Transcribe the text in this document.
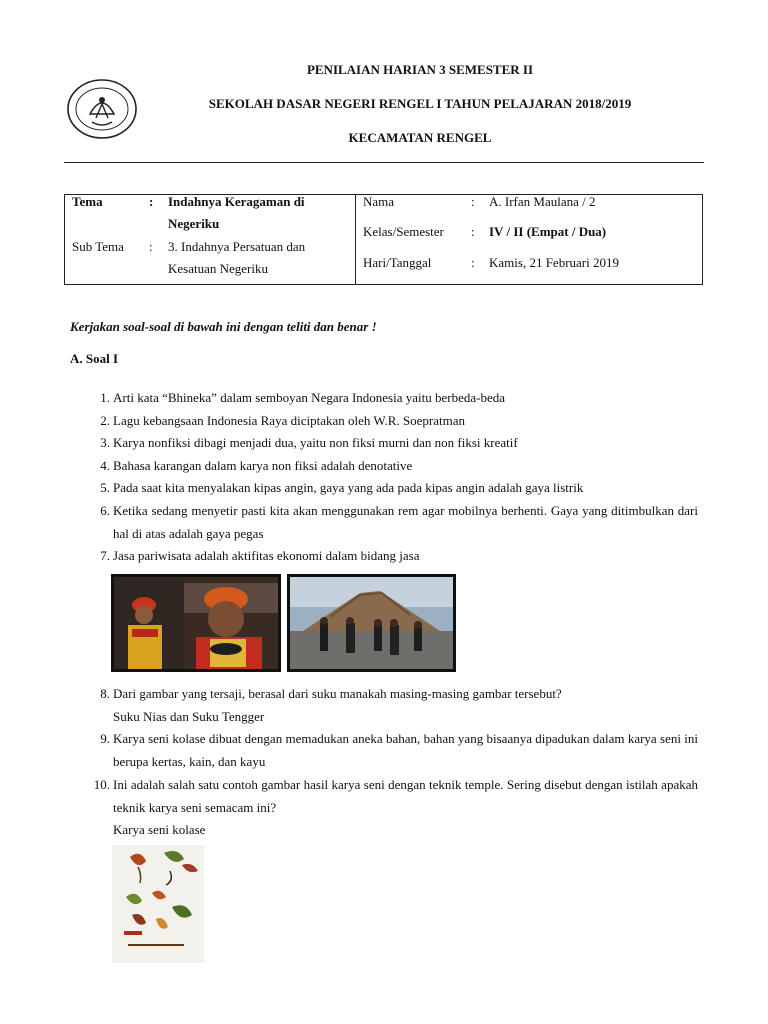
PENILAIAN HARIAN 3 SEMESTER II
SEKOLAH DASAR NEGERI RENGEL I TAHUN PELAJARAN 2018/2019
KECAMATAN RENGEL
Tema	: Indahnya Keragaman di
Negeriku
Sub Tema : 3. Indahnya Persatuan dan
Kesatuan Negeriku
Nama	: A. Irfan Maulana / 2
Kelas/Semester : IV / II (Empat / Dua)
Hari/Tanggal	: Kamis, 21 Februari 2019
Kerjakan soal-soal di bawah ini dengan teliti dan benar !
A. Soal I
1. Arti kata “Bhineka” dalam semboyan Negara Indonesia yaitu berbeda-beda
2. Lagu kebangsaan Indonesia Raya diciptakan oleh W.R. Soepratman
3. Karya nonfiksi dibagi menjadi dua, yaitu non fiksi murni dan non fiksi kreatif
4. Bahasa karangan dalam karya non fiksi adalah denotative
5. Pada saat kita menyalakan kipas angin, gaya yang ada pada kipas angin adalah gaya listrik
6. Ketika sedang menyetir pasti kita akan menggunakan rem agar mobilnya berhenti. Gaya yang ditimbulkan dari hal di atas adalah gaya pegas
7. Jasa pariwisata adalah aktifitas ekonomi dalam bidang jasa
8. Dari gambar yang tersaji, berasal dari suku manakah masing-masing gambar tersebut?
Suku Nias dan Suku Tengger
9. Karya seni kolase dibuat dengan memadukan aneka bahan, bahan yang bisaanya dipadukan dalam karya seni ini berupa kertas, kain, dan kayu
10. Ini adalah salah satu contoh gambar hasil karya seni dengan teknik temple. Sering disebut dengan istilah apakah teknik karya seni semacam ini?
Karya seni kolase
